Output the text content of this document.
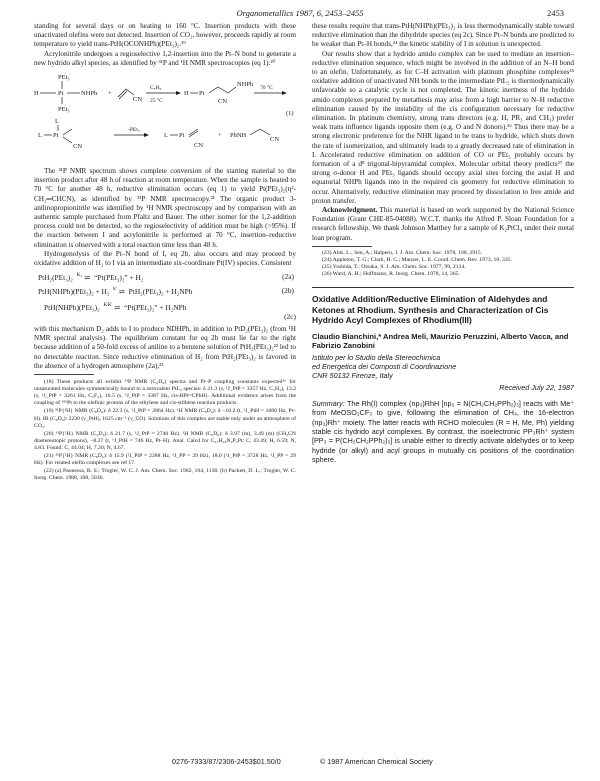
Organometallics 1987, 6, 2453–2455	2453

standing for several days or on heating to 160 °C. Insertion products with these unactivated olefins were not detected. Insertion of CO₂, however, proceeds rapidly at room temperature to yield trans-PtH(OCONHPh)(PEt₃)₂.¹⁹

Acrylonitrile undergoes a regioselective 1,2-insertion into the Pt–N bond to generate a new hydrido alkyl species, as identified by ³¹P and ¹H NMR spectroscopies (eq 1).²⁰

PEt₃
H	Pt	NHPh
PEt₃
+
CN
C₆H₆
25 °C
H Pt
NHPh
CN
70 °C
(1)
L Pt
L
CN
L Pt
CN
+ PhNH
CN
-PEt₃

The ³¹P NMR spectrum shows complete conversion of the starting material to the insertion product after 48 h of reaction at room temperature. When the sample is heated to 70 °C for another 48 h, reductive elimination occurs (eq 1) to yield Pt(PEt₃)₂(η²-CH₂═CHCN), as identified by ³¹P NMR spectroscopy.²¹ The organic product 3-anilinopropionitrile was identified by ¹H NMR spectroscopy and by comparison with an authentic sample purchased from Pfaltz and Bauer. The other isomer for the 1,2-addition process could not be detected, so the regioselectivity of addition must be high (>95%). If the reaction between I and acrylonitrile is performed at 70 °C, insertion–reductive elimination is observed with a total reaction time less than 48 h.

Hydrogenolysis of the Pt–N bond of I, eq 2b, also occurs and may proceed by oxidative addition of H₂ to I via an intermediate six-coordinate Pt(IV) species. Consistent

PtH₂(PEt₃)₂ $^{K_1}$ ⇌ “Pt(PEt₃)₂” + H₂	(2a)
PtH(NHPh)(PEt₃)₂ + H₂ $^{k'}$ ⇌ PtH₂(PEt₃)₂ + H₂NPh	(2b)
PtH(NHPh)(PEt₃)₂ $^{KK'}$ ⇌ “Pt(PEt₃)₂” + H₂NPh
(2c)

with this mechanism D₂ adds to I to produce NDHPh, in addition to PtD₂(PEt₃)₂ (from ¹H NMR spectral analysis). The equilibrium constant for eq 2b must lie far to the right because addition of a 50-fold excess of aniline to a benzene solution of PtH₂(PEt₃)₂²² led to no detectable reaction. Since reductive elimination of H₂ from PtH₂(PEt₃)₂ is favored in the absence of a hydrogen atmosphere (2a),²³

(18) These products all exhibit ³¹P NMR (C₆D₆) spectra and Pt–P coupling constants expected¹⁶ for unsaturated molecules symmetrically bound to a zerovalent PtL₂ species: δ 21.3 (s, ¹J_PtP = 3357 Hz, C₂H₄), 13.2 (s, ¹J_PtP = 3261 Hz, C₂F₄), 16.5 (s, ¹J_PtP = 3387 Hz, cis-HPt=CPhH). Additional evidence arises from the coupling of ¹⁹⁵Pt to the olefinic protons of the ethylene and cis-stilbene reaction products.

(19) ³¹P{¹H} NMR (C₆D₆): δ 22.3 (s, ¹J_PtP = 2864 Hz). ¹H NMR (C₆D₆): δ −10.2 (t, ¹J_PtH = 1000 Hz, Pt–H). IR (C₆D₆): 2230 (ν_PtH), 1625 cm⁻¹ (ν_CO). Solutions of this complex are stable only under an atmosphere of CO₂.

(20) ³¹P{¹H} NMR (C₆D₆): δ 21.7 (s, ¹J_PtP = 2740 Hz). ¹H NMR (C₆D₆): δ 3.97 (m), 3.49 (m) (CH₂CN diastereotopic protons), −8.27 (t, ¹J_PtH = 746 Hz, Pt–H). Anal. Calcd for C₂₁H₃₈N₂P₂Pt: C, 43.49; H, 6.59; N, 4.83. Found: C, 44.04; H, 7.20; N, 4.67.

(21) ³¹P{¹H} NMR (C₆D₆): δ 15.9 (¹J_PtP = 2288 Hz, ²J_PP = 29 Hz), 18.0 (¹J_PtP = 3728 Hz, ²J_PP = 29 Hz). For related olefin complexes see ref 17.

(22) (a) Paonessa, R. S.; Trogler, W. C. J. Am. Chem. Soc. 1982, 104, 1138. (b) Packett, D. L.; Trogler, W. C. Inorg. Chem. 1988, 108, 5036.

these results require that trans-PtH(NHPh)(PEt₃)₂ is less thermodynamically stable toward reductive elimination than the dihydride species (eq 2c). Since Pt–N bonds are predicted to be weaker than Pt–H bonds,²⁴ the kinetic stability of I in solution is unexpected.

Our results show that a hydrido amido complex can be used to mediate an insertion–reductive elimination sequence, which might be involved in the addition of an N–H bond to an olefin. Unfortunately, as for C–H activation with platinum phosphine complexes²⁵ oxidative addition of unactivated NH bonds to the intermediate PtL₂ is thermodynamically unfavorable so a catalytic cycle is not completed. The kinetic inertness of the hydrido amido complexes prepared by metathesis may arise from a high barrier to N–H reductive elimination caused by the instability of the cis configuration necessary for reductive elimination. In platinum chemistry, strong trans directors (e.g. H, PR₃ and CH₃) prefer weak trans influence ligands opposite them (e.g. O and N donors).²⁶ Thus there may be a strong electronic preference for the NHR ligand to be trans to hydride, which shuts down the rate of isomerization, and ultimately leads to a greatly decreased rate of elimination in I. Accelerated reductive elimination on addition of CO or PEt₃ probably occurs by formation of a d⁸ trigonal-bipyramidal complex. Molecular orbital theory predicts²⁷ the strong σ-donor H and PEt₃ ligands should occupy axial sites forcing the axial H and equatorial NHPh ligands into in the required cis geometry for reductive elimination to occur. Alternatively, reductive elimination may proceed by dissociation to free amide and proton transfer.

Acknowledgment. This material is based on work supported by the National Science Foundation (Grant CHE-85-04088). W.C.T. thanks the Alfred P. Sloan Foundation for a research fellowship. We thank Johnson Matthey for a sample of K₂PtCl₄ under their metal loan program.

(23) Abis, L.; Sen, A.; Halpern, J. J. Am. Chem. Soc. 1978, 100, 2915.

(24) Appleton, T. G.; Clark, H. C.; Manzer, L. E. Coord. Chem. Rev. 1973, 10, 335.

(25) Yoshida, T.; Otsuka, S. J. Am. Chem. Soc. 1977, 99, 2134.

(26) Ward, A. H.; Hoffmann, R. Inorg. Chem. 1978, 14, 365.

Oxidative Addition/Reductive Elimination of Aldehydes and Ketones at Rhodium. Synthesis and Characterization of Cis Hydrido Acyl Complexes of Rhodium(III)
Claudio Bianchini,* Andrea Meli, Maurizio Peruzzini, Alberto Vacca, and Fabrizio Zanobini
Istituto per lo Studio della Stereochimica
ed Energetica dei Composti di Coordinazione
CNR 50132 Firenze, Italy
Received July 22, 1987
Summary: The Rh(I) complex (np₃)RhH [np₃ = N(CH₂CH₂PPh₂)₃] reacts with Me⁺ from MeOSO₂CF₃ to give, following the elimination of CH₄, the 16-electron (np₃)Rh⁺ moiety. The latter reacts with RCHO molecules (R = H, Me, Ph) yielding stable cis hydrido acyl complexes. By contrast, the isoelectronic PP₃Rh⁺ system [PP₃ = P(CH₂CH₂PPh₂)₃] is unable either to directly activate aldehydes or to keep hydride (or alkyl) and acyl groups in mutually cis positions of the coordination sphere.
0276-7333/87/2306-2453$01.50/0	© 1987 American Chemical Society
